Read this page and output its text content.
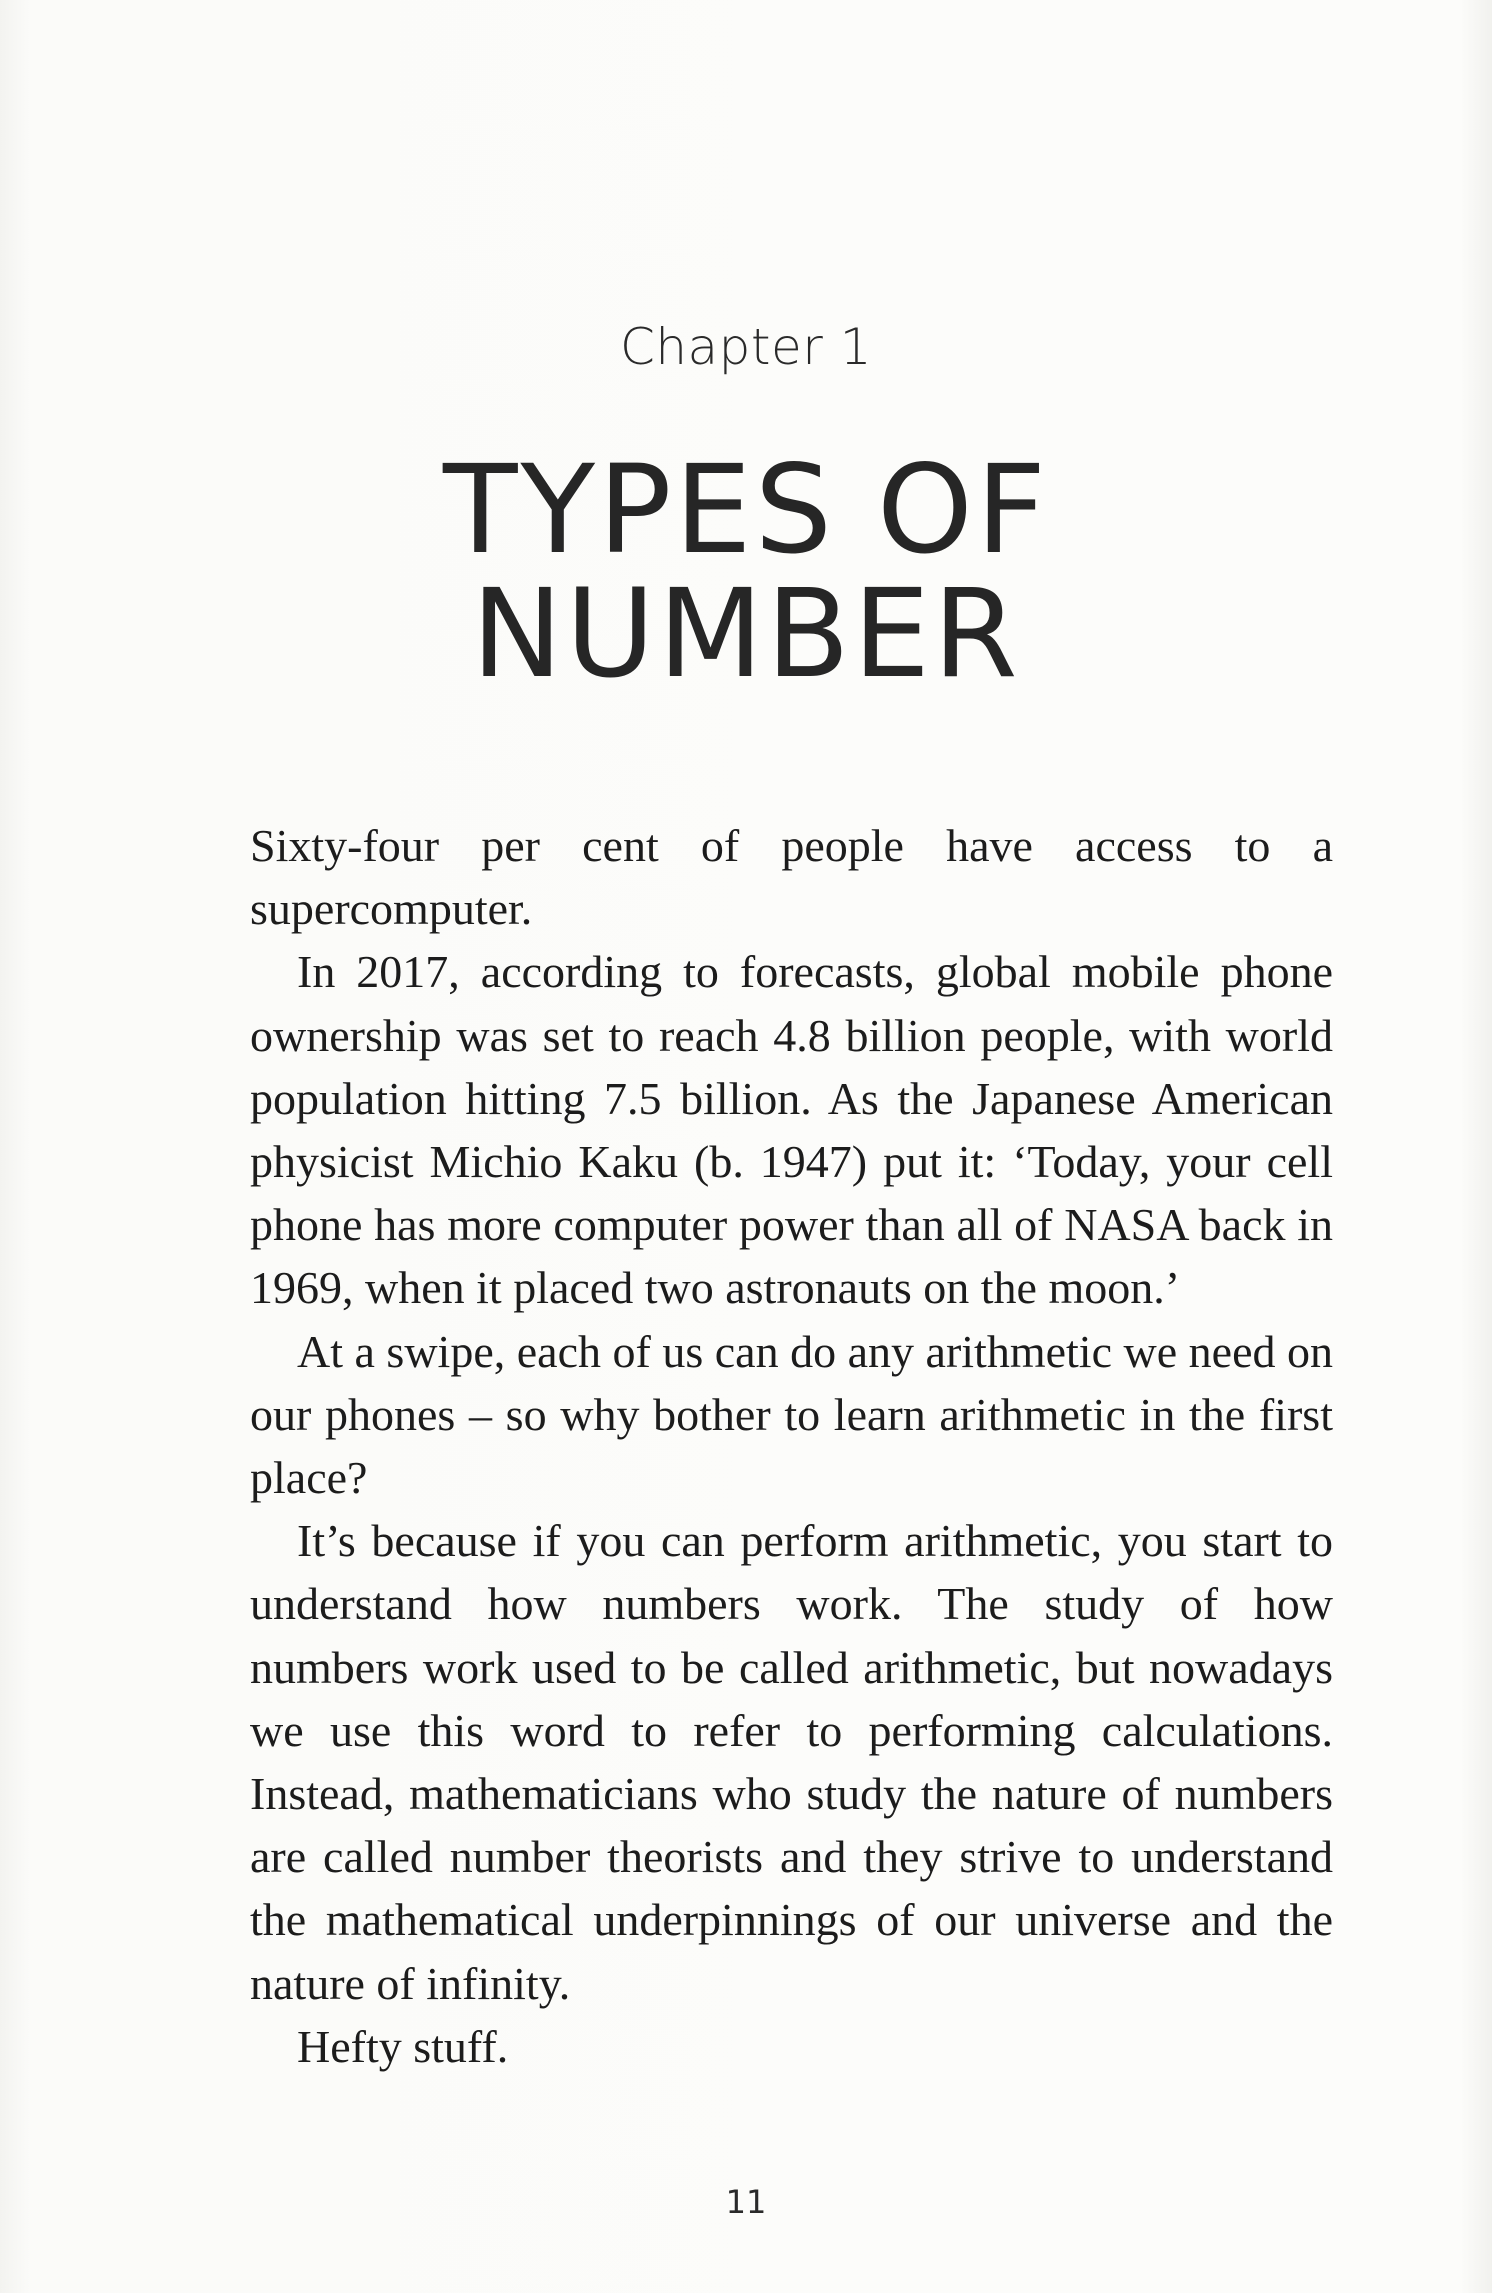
Chapter 1
TYPES OF
NUMBER

Sixty-four per cent of people have access to a supercomputer.

In 2017, according to forecasts, global mobile phone ownership was set to reach 4.8 billion people, with world population hitting 7.5 billion. As the Japanese American physicist Michio Kaku (b. 1947) put it: ‘Today, your cell phone has more computer power than all of NASA back in 1969, when it placed two astronauts on the moon.’

At a swipe, each of us can do any arithmetic we need on our phones – so why bother to learn arithmetic in the first place?

It’s because if you can perform arithmetic, you start to understand how numbers work. The study of how numbers work used to be called arithmetic, but nowadays we use this word to refer to performing calculations. Instead, mathematicians who study the nature of numbers are called number theorists and they strive to understand the mathematical underpinnings of our universe and the nature of infinity.

Hefty stuff.

11
